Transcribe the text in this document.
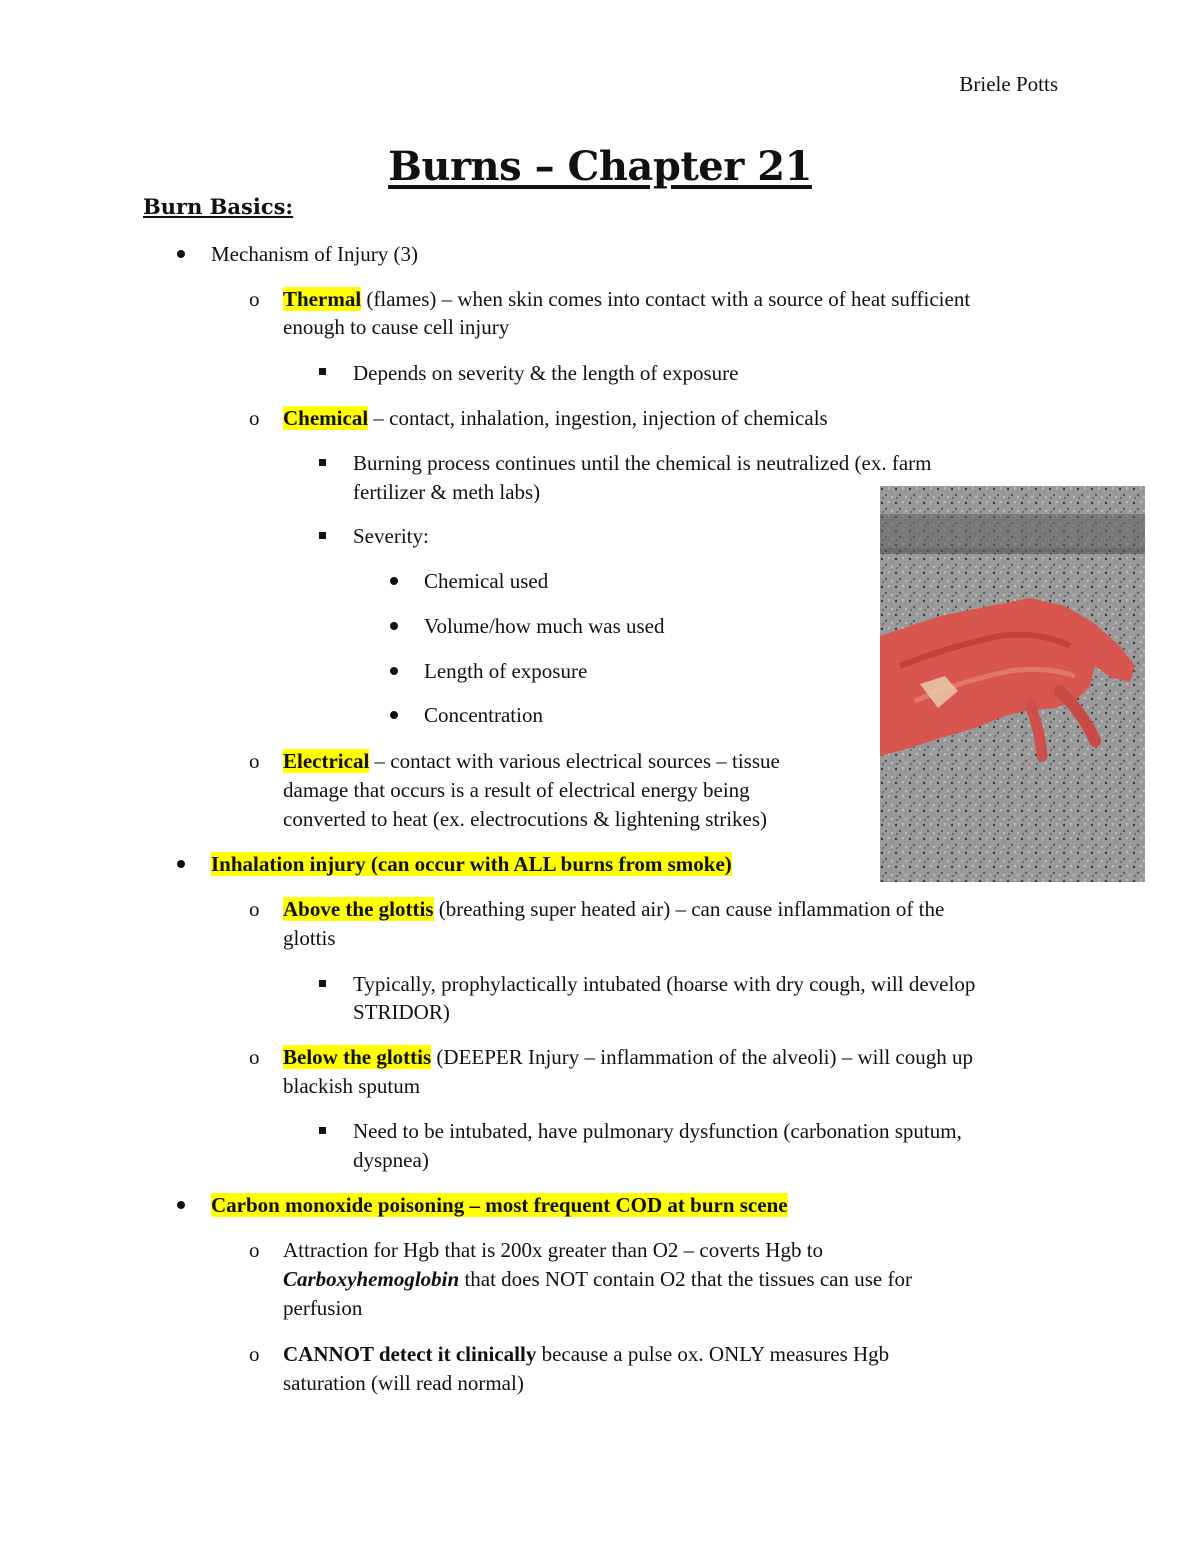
Briele Potts
Burns – Chapter 21
Burn Basics:
Mechanism of Injury (3)
o Thermal (flames) – when skin comes into contact with a source of heat sufficient
enough to cause cell injury
Depends on severity & the length of exposure
o Chemical – contact, inhalation, ingestion, injection of chemicals
Burning process continues until the chemical is neutralized (ex. farm
fertilizer & meth labs)
Severity:
Chemical used
Volume/how much was used
Length of exposure
Concentration
o Electrical – contact with various electrical sources – tissue
damage that occurs is a result of electrical energy being
converted to heat (ex. electrocutions & lightening strikes)
Inhalation injury (can occur with ALL burns from smoke)
o Above the glottis (breathing super heated air) – can cause inflammation of the
glottis
Typically, prophylactically intubated (hoarse with dry cough, will develop
STRIDOR)
o Below the glottis (DEEPER Injury – inflammation of the alveoli) – will cough up
blackish sputum
Need to be intubated, have pulmonary dysfunction (carbonation sputum,
dyspnea)
Carbon monoxide poisoning – most frequent COD at burn scene
o Attraction for Hgb that is 200x greater than O2 – coverts Hgb to
Carboxyhemoglobin that does NOT contain O2 that the tissues can use for
perfusion
o CANNOT detect it clinically because a pulse ox. ONLY measures Hgb
saturation (will read normal)
